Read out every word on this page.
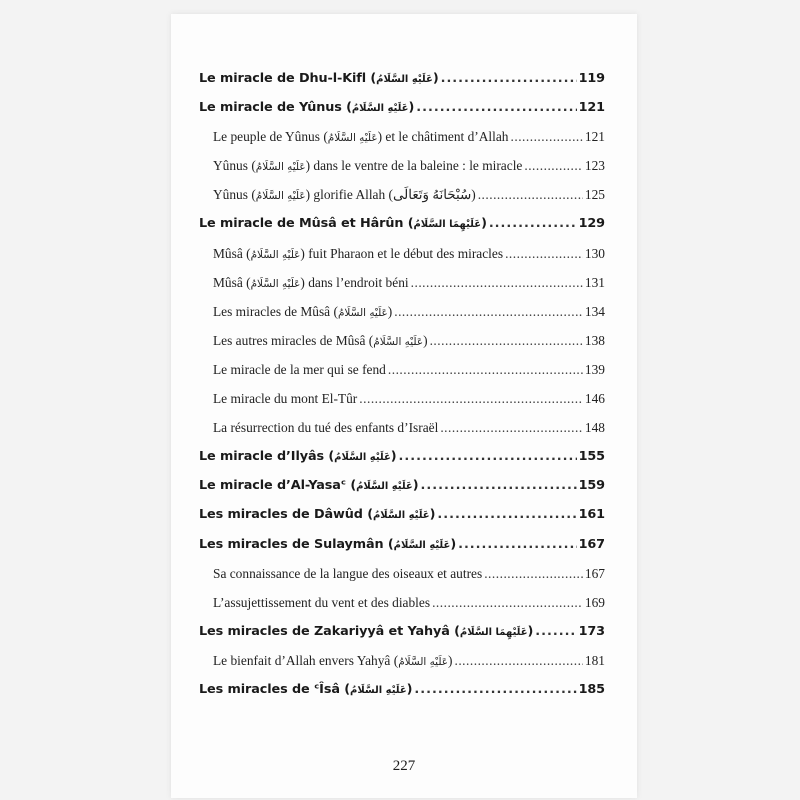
Le miracle de Dhu-l-Kifl (عَلَيْهِ السَّلَامُ) .....	119
Le miracle de Yûnus (عَلَيْهِ السَّلَامُ) .....	121
Le peuple de Yûnus (عَلَيْهِ السَّلَامُ) et le châtiment d’Allah .....	121
Yûnus (عَلَيْهِ السَّلَامُ) dans le ventre de la baleine : le miracle .....	123
Yûnus (عَلَيْهِ السَّلَامُ) glorifie Allah (سُبْحَانَهُ وَتَعَالَى) .....	125
Le miracle de Mûsâ et Hârûn (عَلَيْهِمَا السَّلَامُ) .....	129
Mûsâ (عَلَيْهِ السَّلَامُ) fuit Pharaon et le début des miracles .....	130
Mûsâ (عَلَيْهِ السَّلَامُ) dans l’endroit béni .....	131
Les miracles de Mûsâ (عَلَيْهِ السَّلَامُ) .....	134
Les autres miracles de Mûsâ (عَلَيْهِ السَّلَامُ) .....	138
Le miracle de la mer qui se fend .....	139
Le miracle du mont El-Tûr .....	146
La résurrection du tué des enfants d’Israël .....	148
Le miracle d’Ilyâs (عَلَيْهِ السَّلَامُ) .....	155
Le miracle d’Al-Yasaᶜ (عَلَيْهِ السَّلَامُ) .....	159
Les miracles de Dâwûd (عَلَيْهِ السَّلَامُ) .....	161
Les miracles de Sulaymân (عَلَيْهِ السَّلَامُ) .....	167
Sa connaissance de la langue des oiseaux et autres .....	167
L’assujettissement du vent et des diables .....	169
Les miracles de Zakariyyâ et Yahyâ (عَلَيْهِمَا السَّلَامُ) .....	173
Le bienfait d’Allah envers Yahyâ (عَلَيْهِ السَّلَامُ) .....	181
Les miracles de ᶜÎsâ (عَلَيْهِ السَّلَامُ) .....	185
227
